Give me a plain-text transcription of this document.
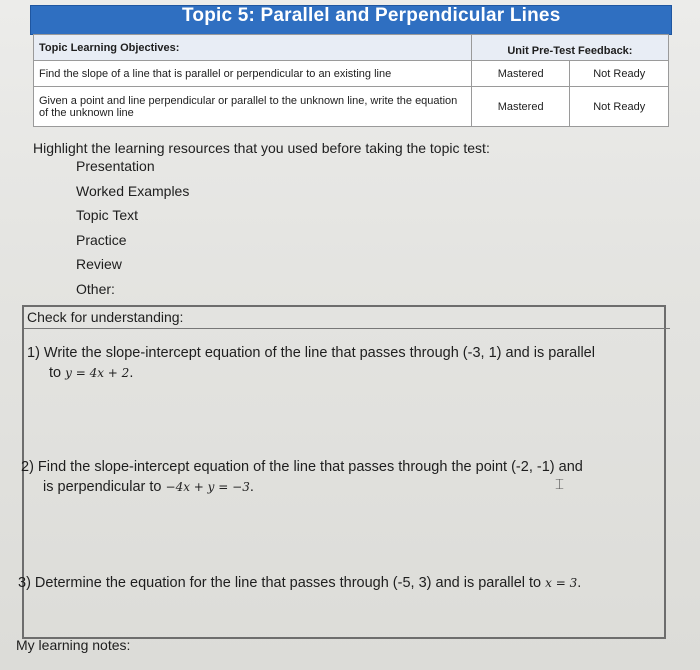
Topic 5: Parallel and Perpendicular Lines
Topic Learning Objectives:	Unit Pre-Test Feedback:	
Find the slope of a line that is parallel or perpendicular to an existing line	Mastered	Not Ready
Given a point and line perpendicular or parallel to the unknown line, write the equation of the unknown line	Mastered	Not Ready
Highlight the learning resources that you used before taking the topic test:
Presentation
Worked Examples
Topic Text
Practice
Review
Other:
Check for understanding:
1) Write the slope-intercept equation of the line that passes through (-3, 1) and is parallel
to y = 4x + 2.
2) Find the slope-intercept equation of the line that passes through the point (-2, -1) and
is perpendicular to −4x + y = −3.
3) Determine the equation for the line that passes through (-5, 3) and is parallel to x = 3.
⌶
My learning notes:
